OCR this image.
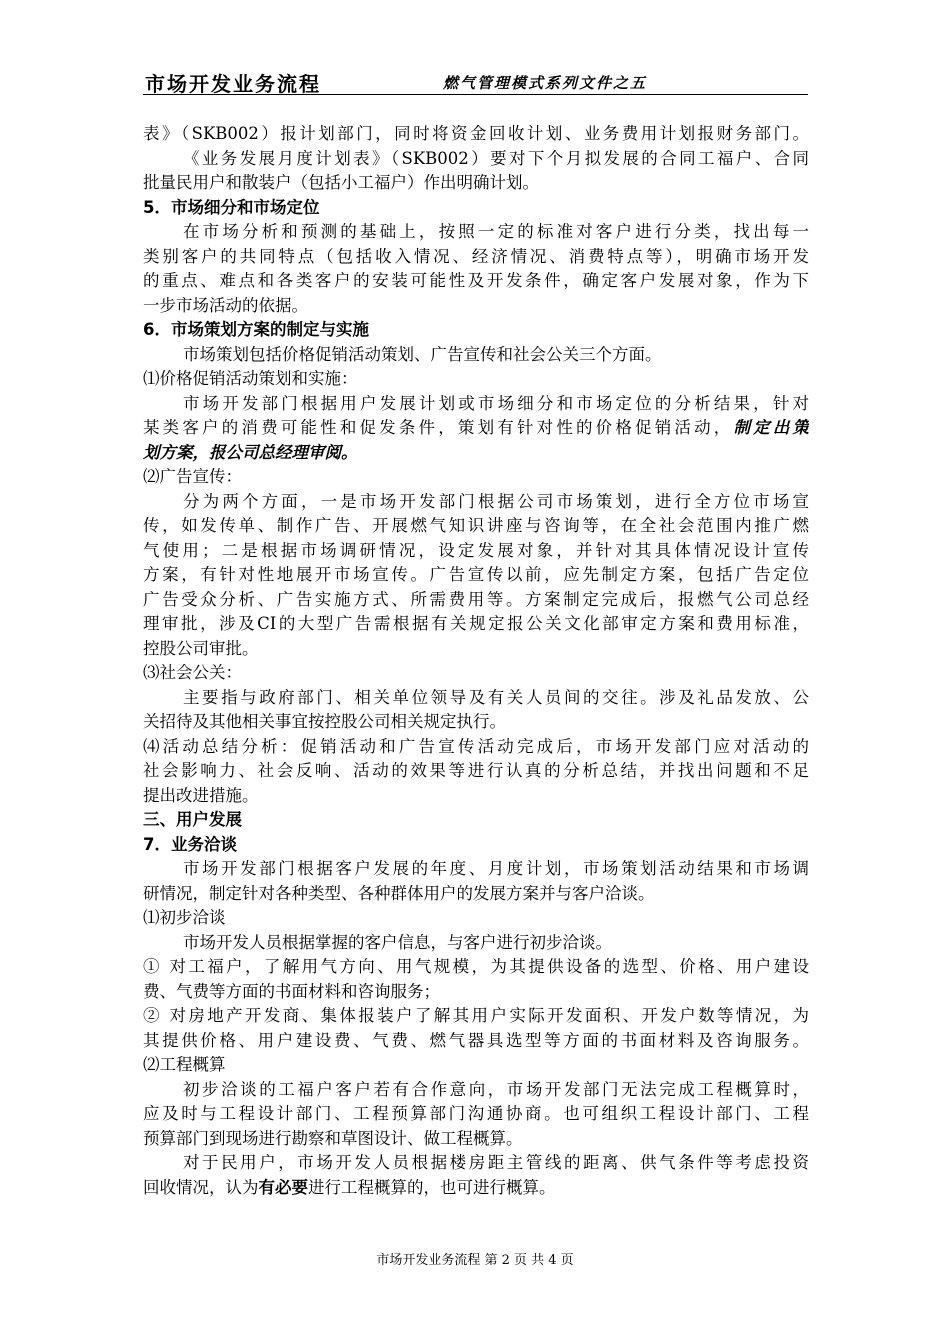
市场开发业务流程	燃气管理模式系列文件之五
表》（SKB002）报计划部门，同时将资金回收计划、业务费用计划报财务部门。
《业务发展月度计划表》（SKB002）要对下个月拟发展的合同工福户、合同
批量民用户和散装户（包括小工福户）作出明确计划。
5．市场细分和市场定位
在市场分析和预测的基础上，按照一定的标准对客户进行分类，找出每一
类别客户的共同特点（包括收入情况、经济情况、消费特点等），明确市场开发
的重点、难点和各类客户的安装可能性及开发条件，确定客户发展对象，作为下
一步市场活动的依据。
6．市场策划方案的制定与实施
市场策划包括价格促销活动策划、广告宣传和社会公关三个方面。
⑴价格促销活动策划和实施：
市场开发部门根据用户发展计划或市场细分和市场定位的分析结果，针对
某类客户的消费可能性和促发条件，策划有针对性的价格促销活动，制定出策
划方案，报公司总经理审阅。
⑵广告宣传：
分为两个方面，一是市场开发部门根据公司市场策划，进行全方位市场宣
传，如发传单、制作广告、开展燃气知识讲座与咨询等，在全社会范围内推广燃
气使用；二是根据市场调研情况，设定发展对象，并针对其具体情况设计宣传
方案，有针对性地展开市场宣传。广告宣传以前，应先制定方案，包括广告定位
广告受众分析、广告实施方式、所需费用等。方案制定完成后，报燃气公司总经
理审批，涉及CI的大型广告需根据有关规定报公关文化部审定方案和费用标准，
控股公司审批。
⑶社会公关：
主要指与政府部门、相关单位领导及有关人员间的交往。涉及礼品发放、公
关招待及其他相关事宜按控股公司相关规定执行。
⑷活动总结分析：促销活动和广告宣传活动完成后，市场开发部门应对活动的
社会影响力、社会反响、活动的效果等进行认真的分析总结，并找出问题和不足
提出改进措施。
三、用户发展
7．业务洽谈
市场开发部门根据客户发展的年度、月度计划，市场策划活动结果和市场调
研情况，制定针对各种类型、各种群体用户的发展方案并与客户洽谈。
⑴初步洽谈
市场开发人员根据掌握的客户信息，与客户进行初步洽谈。
① 对工福户，了解用气方向、用气规模，为其提供设备的选型、价格、用户建设
费、气费等方面的书面材料和咨询服务；
② 对房地产开发商、集体报装户了解其用户实际开发面积、开发户数等情况，为
其提供价格、用户建设费、气费、燃气器具选型等方面的书面材料及咨询服务。
⑵工程概算
初步洽谈的工福户客户若有合作意向，市场开发部门无法完成工程概算时，
应及时与工程设计部门、工程预算部门沟通协商。也可组织工程设计部门、工程
预算部门到现场进行勘察和草图设计、做工程概算。
对于民用户，市场开发人员根据楼房距主管线的距离、供气条件等考虑投资
回收情况，认为有必要进行工程概算的，也可进行概算。
市场开发业务流程 第 2 页 共 4 页
